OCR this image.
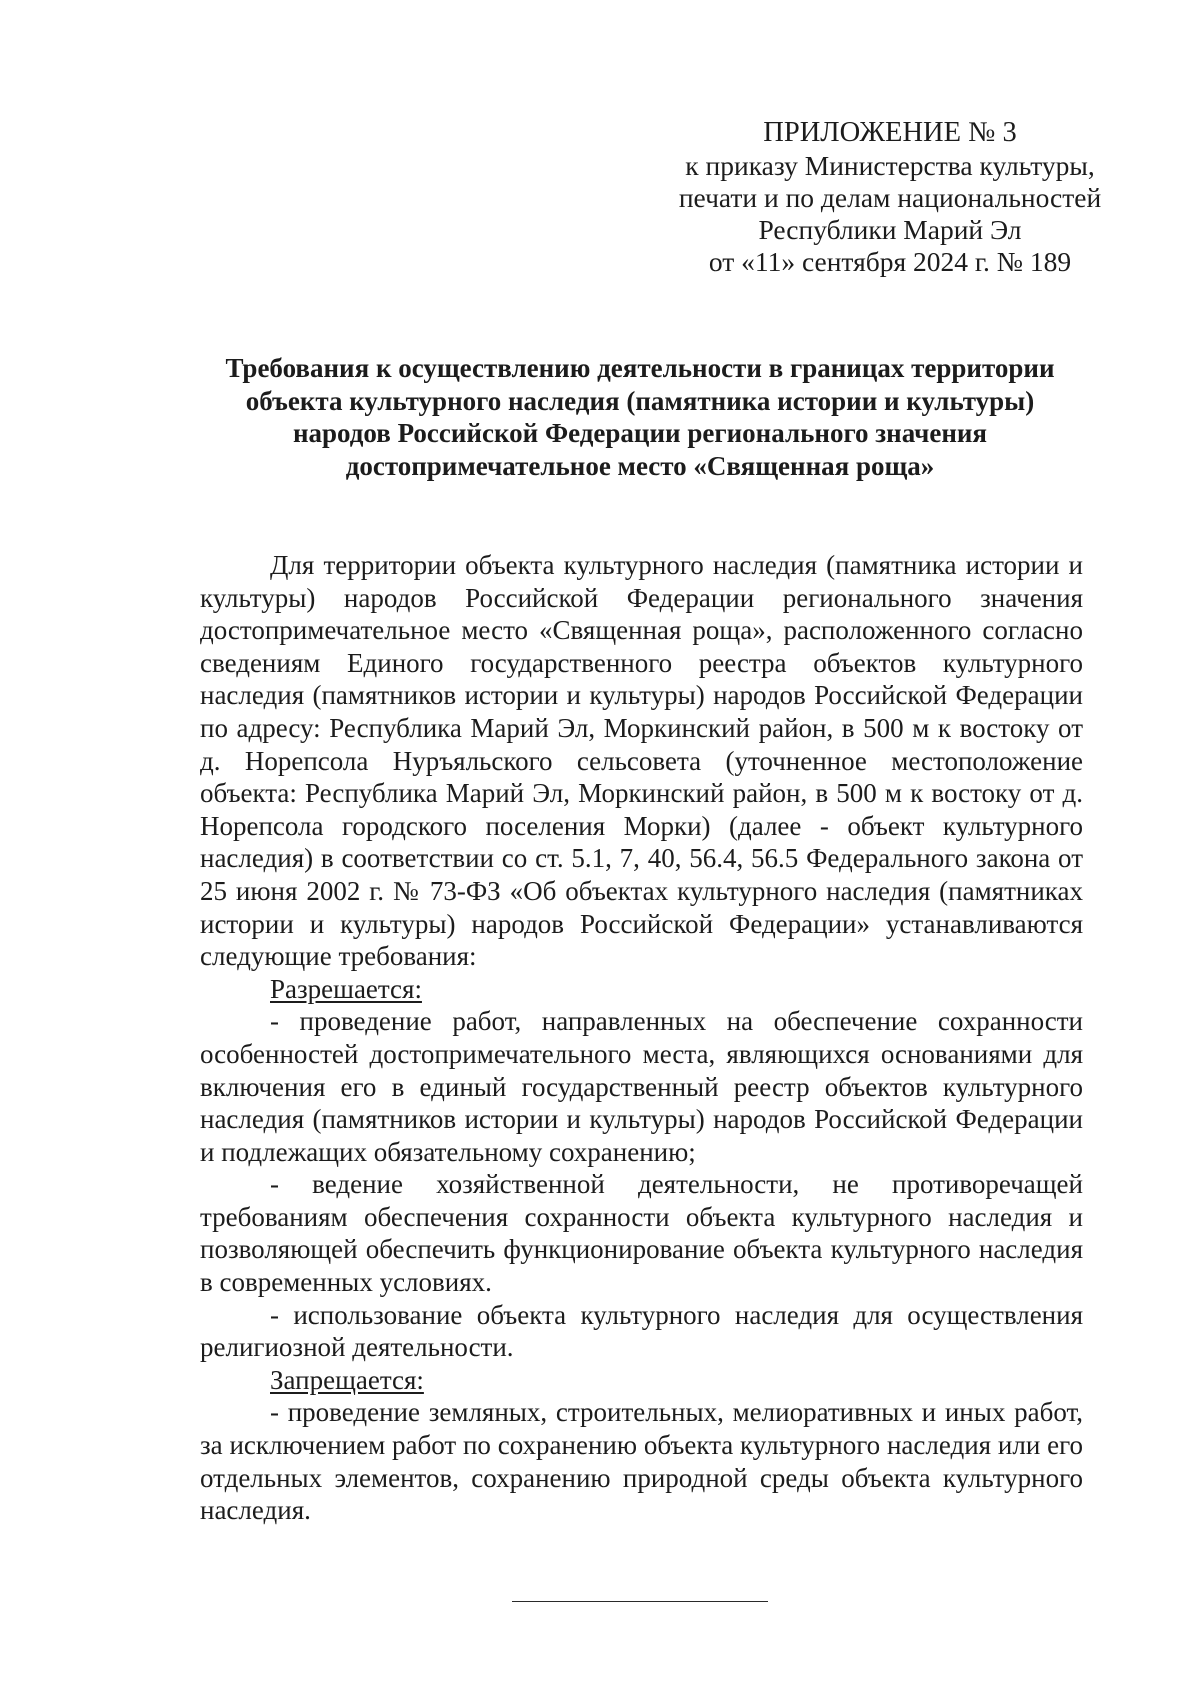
ПРИЛОЖЕНИЕ № 3
к приказу Министерства культуры,
печати и по делам национальностей
Республики Марий Эл
от «11» сентября 2024 г. № 189
Требования к осуществлению деятельности в границах территории
объекта культурного наследия (памятника истории и культуры)
народов Российской Федерации регионального значения
достопримечательное место «Священная роща»

Для территории объекта культурного наследия (памятника истории и культуры) народов Российской Федерации регионального значения достопримечательное место «Священная роща», расположенного согласно сведениям Единого государственного реестра объектов культурного наследия (памятников истории и культуры) народов Российской Федерации по адресу: Республика Марий Эл, Моркинский район, в 500 м к востоку от д. Норепсола Нуръяльского сельсовета (уточненное местоположение объекта: Республика Марий Эл, Моркинский район, в 500 м к востоку от д. Норепсола городского поселения Морки) (далее - объект культурного наследия) в соответствии со ст. 5.1, 7, 40, 56.4, 56.5 Федерального закона от 25 июня 2002 г. № 73-ФЗ «Об объектах культурного наследия (памятниках истории и культуры) народов Российской Федерации» устанавливаются следующие требования:

Разрешается:

- проведение работ, направленных на обеспечение сохранности особенностей достопримечательного места, являющихся основаниями для включения его в единый государственный реестр объектов культурного наследия (памятников истории и культуры) народов Российской Федерации и подлежащих обязательному сохранению;

- ведение хозяйственной деятельности, не противоречащей требованиям обеспечения сохранности объекта культурного наследия и позволяющей обеспечить функционирование объекта культурного наследия в современных условиях.

- использование объекта культурного наследия для осуществления религиозной деятельности.

Запрещается:

- проведение земляных, строительных, мелиоративных и иных работ, за исключением работ по сохранению объекта культурного наследия или его отдельных элементов, сохранению природной среды объекта культурного наследия.
